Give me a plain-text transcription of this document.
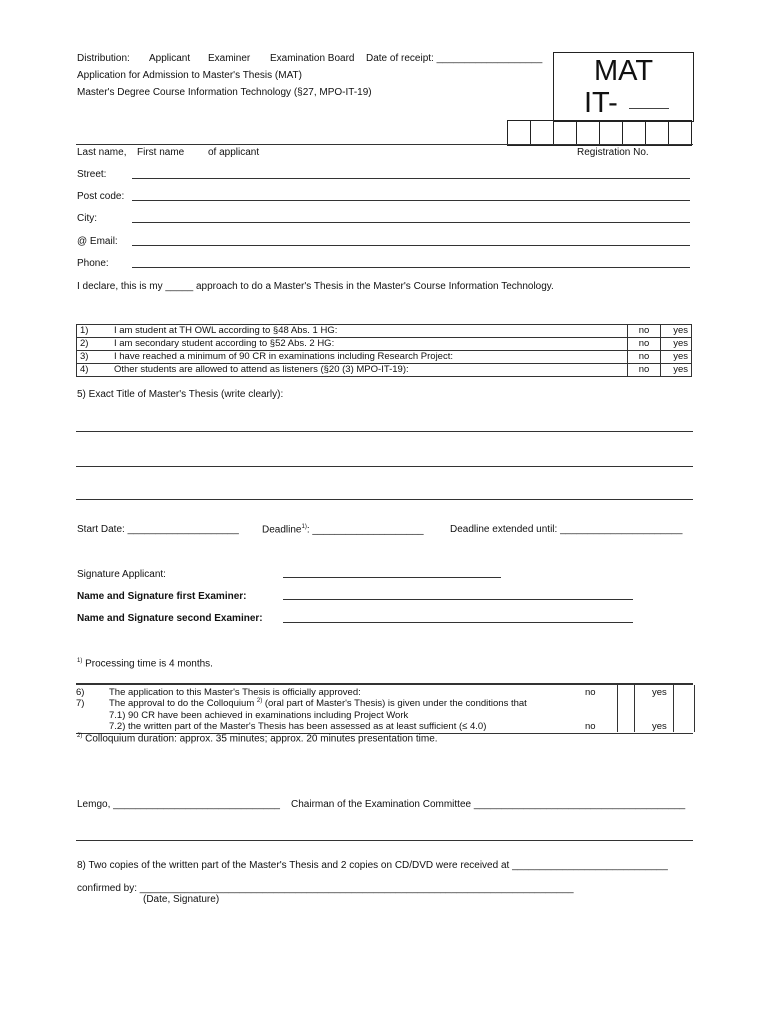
Distribution: Applicant Examiner Examination Board Date of receipt: ___________________
Application for Admission to Master's Thesis (MAT)
Master's Degree Course Information Technology (§27, MPO-IT-19)
MAT
IT-
Last name, First name of applicant	Registration No.
Street:
Post code:
City:
@ Email:
Phone:
I declare, this is my _____ approach to do a Master's Thesis in the Master's Course Information Technology.
1)	I am student at TH OWL according to §48 Abs. 1 HG:	no	yes
2)	I am secondary student according to §52 Abs. 2 HG:	no	yes
3)	I have reached a minimum of 90 CR in examinations including Research Project:	no	yes
4)	Other students are allowed to attend as listeners (§20 (3) MPO-IT-19):	no	yes
5) Exact Title of Master's Thesis (write clearly):
Start Date: ____________________ Deadline$^{1)}$: ____________________	Deadline extended until: ______________________
Signature Applicant:
Name and Signature first Examiner:
Name and Signature second Examiner:
$^{1)}$ Processing time is 4 months.
6)	The application to this Master's Thesis is officially approved:	no	yes
7)	The approval to do the Colloquium $^{2)}$ (oral part of Master's Thesis) is given under the conditions that
7.1) 90 CR have been achieved in examinations including Project Work
7.2) the written part of the Master's Thesis has been assessed as at least sufficient (≤ 4.0)	no	yes
$^{2)}$ Colloquium duration: approx. 35 minutes; approx. 20 minutes presentation time.
Lemgo, ______________________________ Chairman of the Examination Committee ______________________________________
8) Two copies of the written part of the Master's Thesis and 2 copies on CD/DVD were received at ____________________________
confirmed by: ______________________________________________________________________________
(Date, Signature)
